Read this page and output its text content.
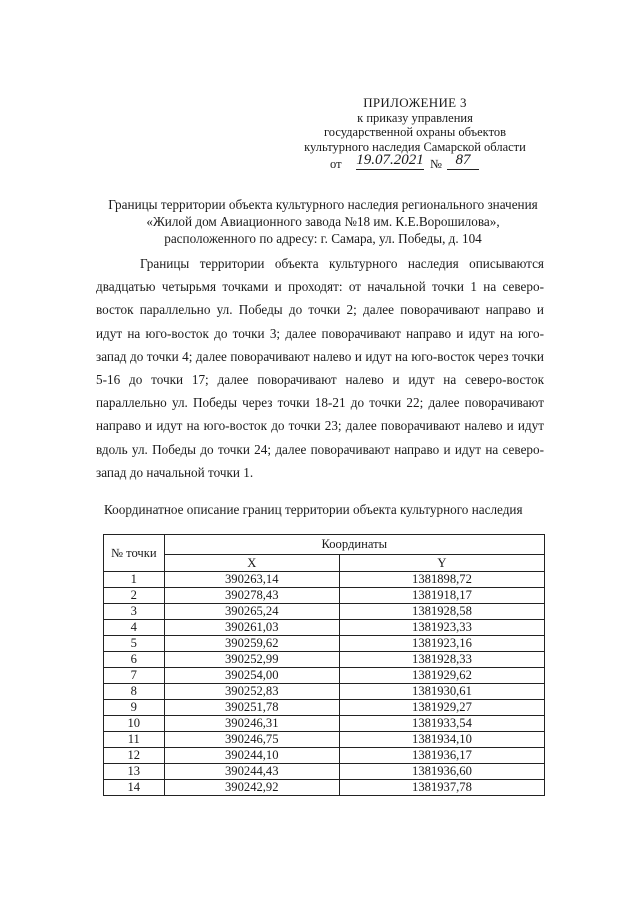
ПРИЛОЖЕНИЕ 3
к приказу управления
государственной охраны объектов
культурного наследия Самарской области
от 19.07.2021 № 87
Границы территории объекта культурного наследия регионального значения
«Жилой дом Авиационного завода №18 им. К.Е.Ворошилова»,
расположенного по адресу: г. Самара, ул. Победы, д. 104
Границы территории объекта культурного наследия описываются двадцатью четырьмя точками и проходят: от начальной точки 1 на северо-восток параллельно ул. Победы до точки 2; далее поворачивают направо и идут на юго-восток до точки 3; далее поворачивают направо и идут на юго-запад до точки 4; далее поворачивают налево и идут на юго-восток через точки 5-16 до точки 17; далее поворачивают налево и идут на северо-восток параллельно ул. Победы через точки 18-21 до точки 22; далее поворачивают направо и идут на юго-восток до точки 23; далее поворачивают налево и идут вдоль ул. Победы до точки 24; далее поворачивают направо и идут на северо-запад до начальной точки 1.
Координатное описание границ территории объекта культурного наследия
№ точки	Координаты	
	X	Y
1	390263,14	1381898,72
2	390278,43	1381918,17
3	390265,24	1381928,58
4	390261,03	1381923,33
5	390259,62	1381923,16
6	390252,99	1381928,33
7	390254,00	1381929,62
8	390252,83	1381930,61
9	390251,78	1381929,27
10	390246,31	1381933,54
11	390246,75	1381934,10
12	390244,10	1381936,17
13	390244,43	1381936,60
14	390242,92	1381937,78
